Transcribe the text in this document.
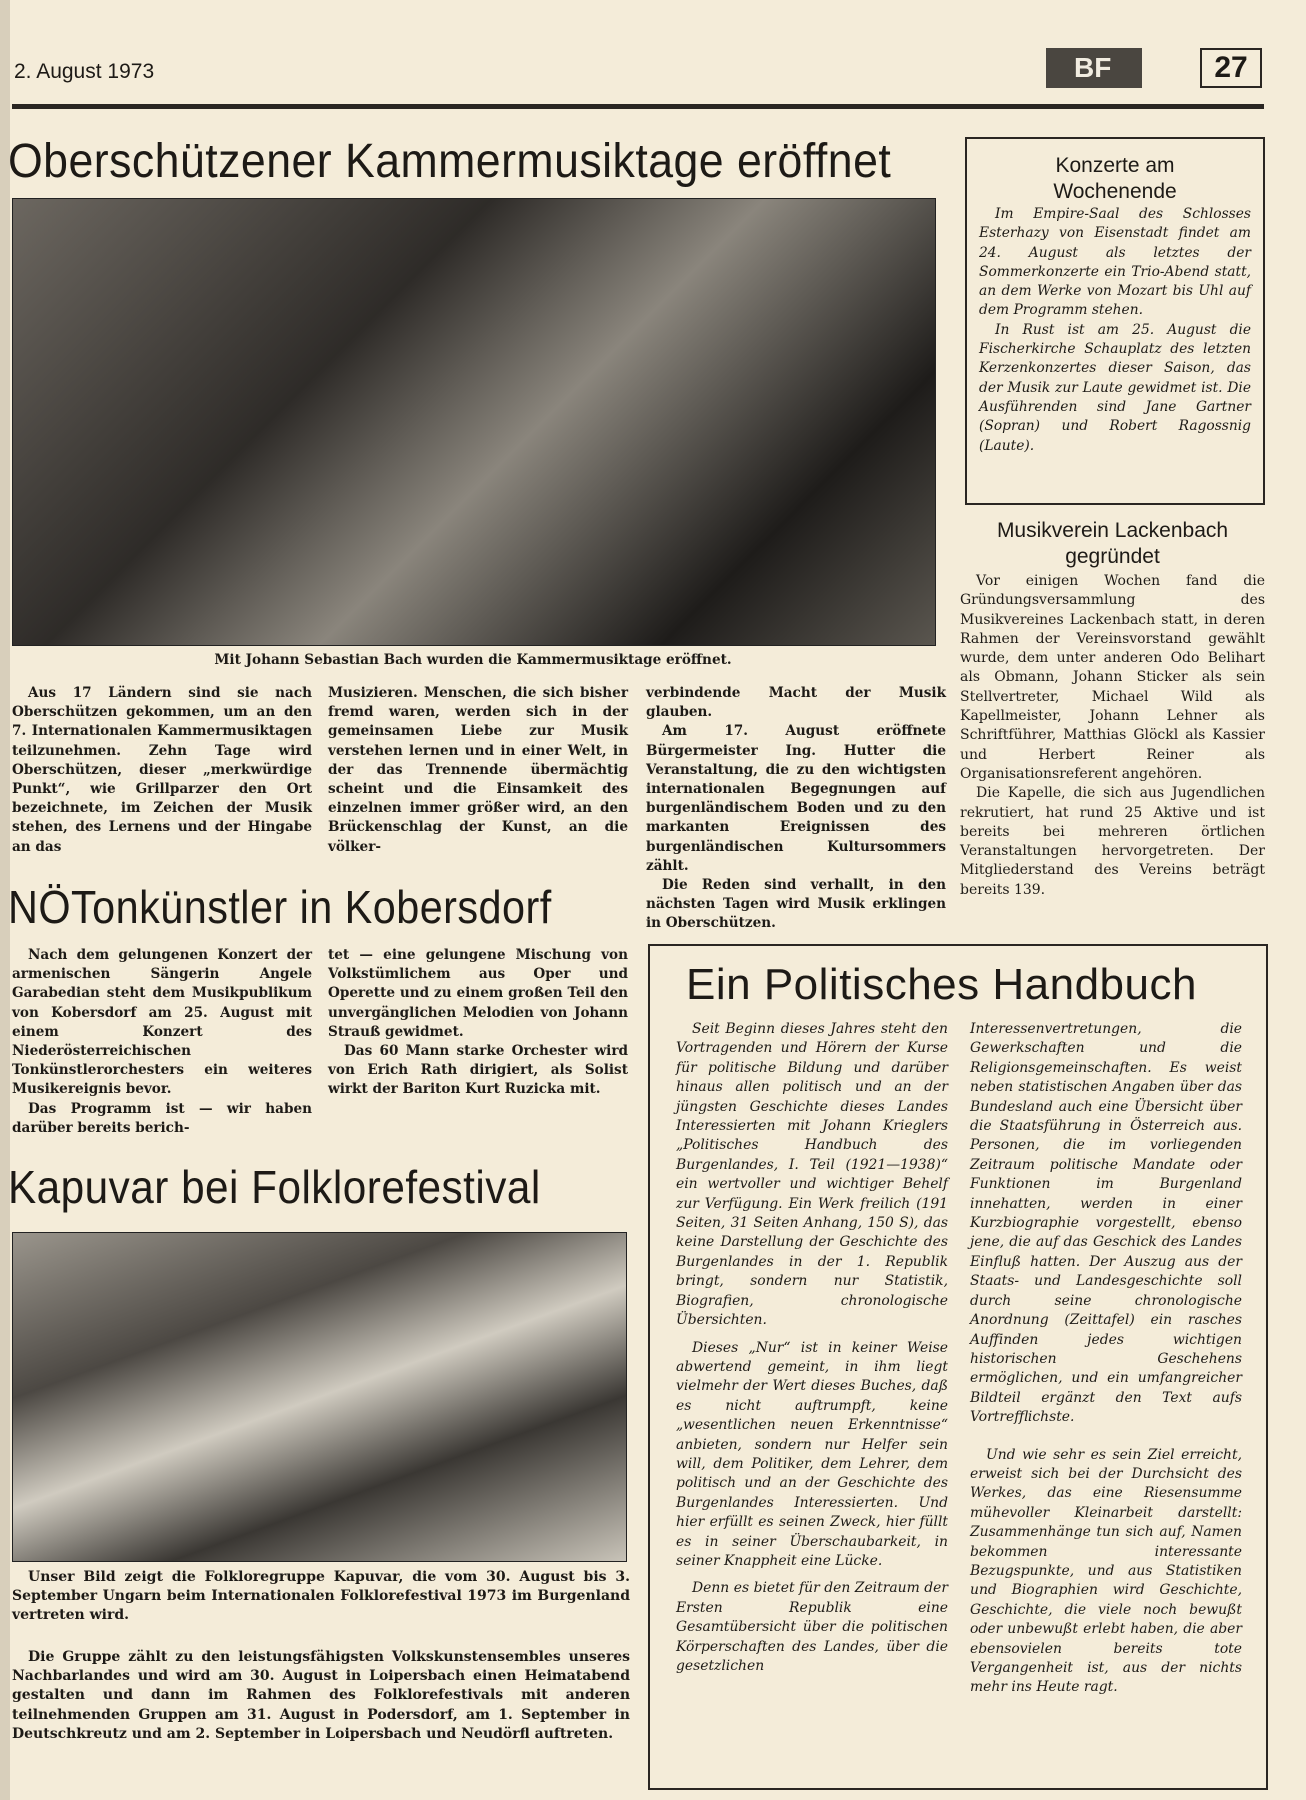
2. August 1973	BF	27
Oberschützener Kammermusiktage eröffnet
Mit Johann Sebastian Bach wurden die Kammermusiktage eröffnet.

Aus 17 Ländern sind sie nach Oberschützen gekommen, um an den 7. Internationalen Kammermusiktagen teilzunehmen. Zehn Tage wird Oberschützen, dieser „merkwürdige Punkt“, wie Grillparzer den Ort bezeichnete, im Zeichen der Musik stehen, des Lernens und der Hingabe an das

Musizieren. Menschen, die sich bisher fremd waren, werden sich in der gemeinsamen Liebe zur Musik verstehen lernen und in einer Welt, in der das Trennende übermächtig scheint und die Einsamkeit des einzelnen immer größer wird, an den Brückenschlag der Kunst, an die völker-

verbindende Macht der Musik glauben.

Am 17. August eröffnete Bürgermeister Ing. Hutter die Veranstaltung, die zu den wichtigsten internationalen Begegnungen auf burgenländischem Boden und zu den markanten Ereignissen des burgenländischen Kultursommers zählt.

Die Reden sind verhallt, in den nächsten Tagen wird Musik erklingen in Oberschützen.

Konzerte am
Wochenende

Im Empire-Saal des Schlosses Esterhazy von Eisenstadt findet am 24. August als letztes der Sommerkonzerte ein Trio-Abend statt, an dem Werke von Mozart bis Uhl auf dem Programm stehen.

In Rust ist am 25. August die Fischerkirche Schauplatz des letzten Kerzenkonzertes dieser Saison, das der Musik zur Laute gewidmet ist. Die Ausführenden sind Jane Gartner (Sopran) und Robert Ragossnig (Laute).

Musikverein Lackenbach
gegründet

Vor einigen Wochen fand die Gründungsversammlung des Musikvereines Lackenbach statt, in deren Rahmen der Vereinsvorstand gewählt wurde, dem unter anderen Odo Belihart als Obmann, Johann Sticker als sein Stellvertreter, Michael Wild als Kapellmeister, Johann Lehner als Schriftführer, Matthias Glöckl als Kassier und Herbert Reiner als Organisationsreferent angehören.

Die Kapelle, die sich aus Jugendlichen rekrutiert, hat rund 25 Aktive und ist bereits bei mehreren örtlichen Veranstaltungen hervorgetreten. Der Mitgliederstand des Vereins beträgt bereits 139.

NÖTonkünstler in Kobersdorf

Nach dem gelungenen Konzert der armenischen Sängerin Angele Garabedian steht dem Musikpublikum von Kobersdorf am 25. August mit einem Konzert des Niederösterreichischen Tonkünstlerorchesters ein weiteres Musikereignis bevor.

Das Programm ist — wir haben darüber bereits berich-

tet — eine gelungene Mischung von Volkstümlichem aus Oper und Operette und zu einem großen Teil den unvergänglichen Melodien von Johann Strauß gewidmet.

Das 60 Mann starke Orchester wird von Erich Rath dirigiert, als Solist wirkt der Bariton Kurt Ruzicka mit.

Kapuvar bei Folklorefestival

Unser Bild zeigt die Folkloregruppe Kapuvar, die vom 30. August bis 3. September Ungarn beim Internationalen Folklorefestival 1973 im Burgenland vertreten wird.

Die Gruppe zählt zu den leistungsfähigsten Volkskunstensembles unseres Nachbarlandes und wird am 30. August in Loipersbach einen Heimatabend gestalten und dann im Rahmen des Folklorefestivals mit anderen teilnehmenden Gruppen am 31. August in Podersdorf, am 1. September in Deutschkreutz und am 2. September in Loipersbach und Neudörfl auftreten.

Ein Politisches Handbuch

Seit Beginn dieses Jahres steht den Vortragenden und Hörern der Kurse für politische Bildung und darüber hinaus allen politisch und an der jüngsten Geschichte dieses Landes Interessierten mit Johann Krieglers „Politisches Handbuch des Burgenlandes, I. Teil (1921—1938)“ ein wertvoller und wichtiger Behelf zur Verfügung. Ein Werk freilich (191 Seiten, 31 Seiten Anhang, 150 S), das keine Darstellung der Geschichte des Burgenlandes in der 1. Republik bringt, sondern nur Statistik, Biografien, chronologische Übersichten.

Dieses „Nur“ ist in keiner Weise abwertend gemeint, in ihm liegt vielmehr der Wert dieses Buches, daß es nicht auftrumpft, keine „wesentlichen neuen Erkenntnisse“ anbieten, sondern nur Helfer sein will, dem Politiker, dem Lehrer, dem politisch und an der Geschichte des Burgenlandes Interessierten. Und hier erfüllt es seinen Zweck, hier füllt es in seiner Überschaubarkeit, in seiner Knappheit eine Lücke.

Denn es bietet für den Zeitraum der Ersten Republik eine Gesamtübersicht über die politischen Körperschaften des Landes, über die gesetzlichen

Interessenvertretungen, die Gewerkschaften und die Religionsgemeinschaften. Es weist neben statistischen Angaben über das Bundesland auch eine Übersicht über die Staatsführung in Österreich aus. Personen, die im vorliegenden Zeitraum politische Mandate oder Funktionen im Burgenland innehatten, werden in einer Kurzbiographie vorgestellt, ebenso jene, die auf das Geschick des Landes Einfluß hatten. Der Auszug aus der Staats- und Landesgeschichte soll durch seine chronologische Anordnung (Zeittafel) ein rasches Auffinden jedes wichtigen historischen Geschehens ermöglichen, und ein umfangreicher Bildteil ergänzt den Text aufs Vortrefflichste.

Und wie sehr es sein Ziel erreicht, erweist sich bei der Durchsicht des Werkes, das eine Riesensumme mühevoller Kleinarbeit darstellt: Zusammenhänge tun sich auf, Namen bekommen interessante Bezugspunkte, und aus Statistiken und Biographien wird Geschichte, Geschichte, die viele noch bewußt oder unbewußt erlebt haben, die aber ebensovielen bereits tote Vergangenheit ist, aus der nichts mehr ins Heute ragt.
